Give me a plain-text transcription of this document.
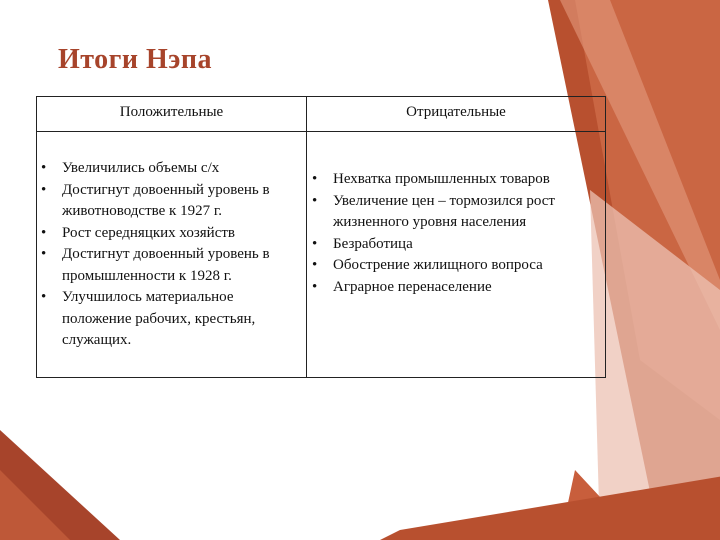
Итоги Нэпа
Положительные	Отрицательные
• Увеличились объемы с/х
• Достигнут довоенный уровень в животноводстве к 1927 г.
• Рост середняцких хозяйств
• Достигнут довоенный уровень в промышленности к 1928 г.
• Улучшилось материальное положение рабочих, крестьян, служащих.
• Нехватка промышленных товаров
• Увеличение цен – тормозился рост жизненного уровня населения
• Безработица
• Обострение жилищного вопроса
• Аграрное перенаселение
